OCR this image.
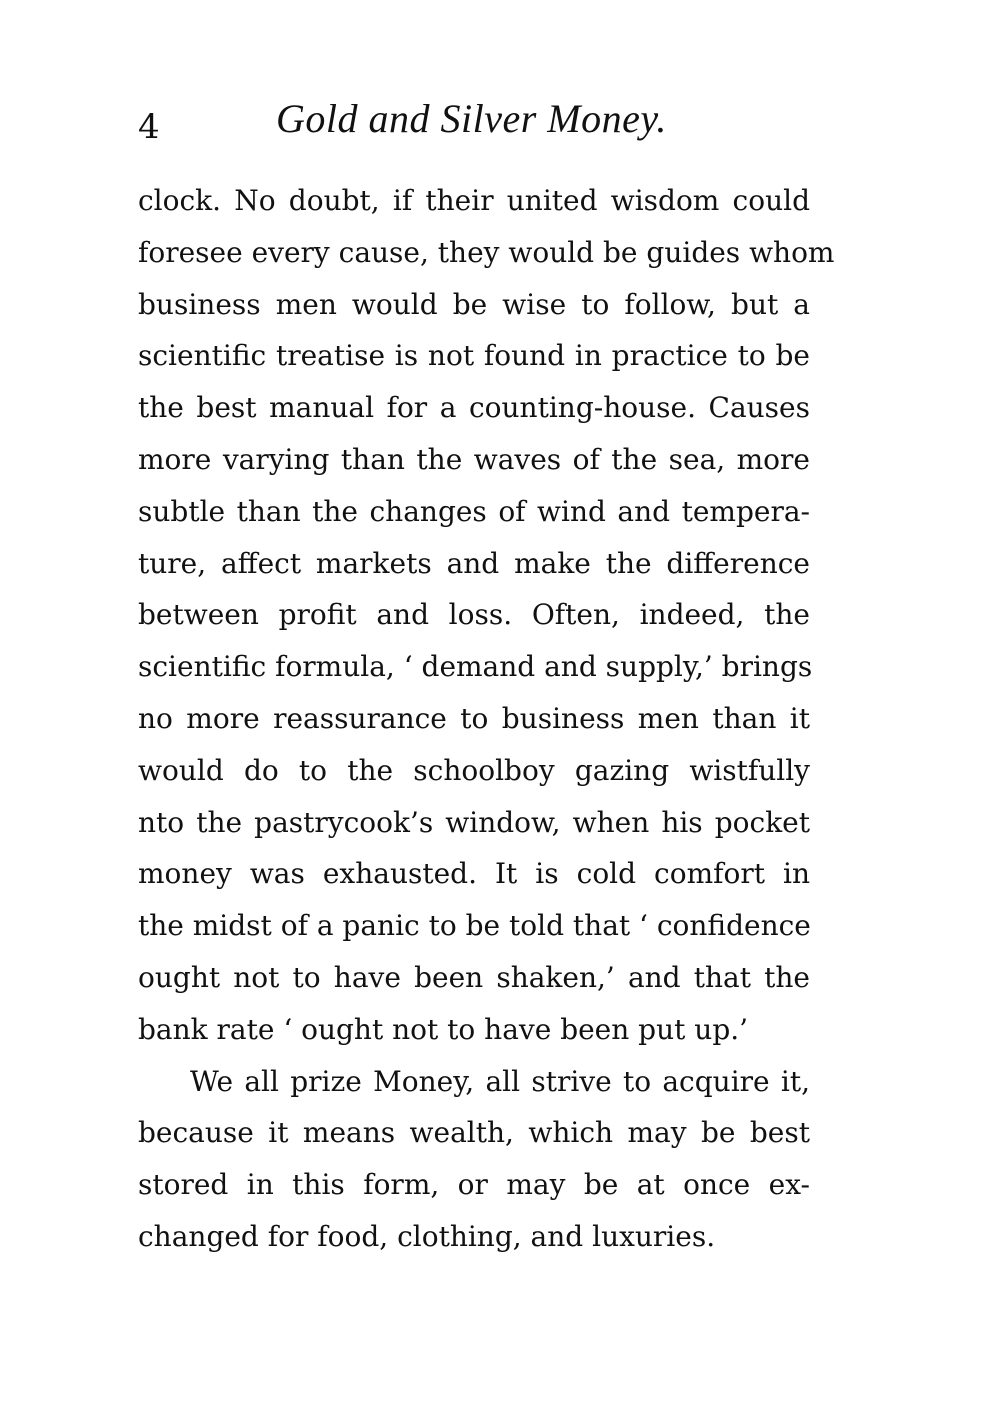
4	Gold and Silver Money.
clock. No doubt, if their united wisdom could
foresee every cause, they would be guides whom
business men would be wise to follow, but a
scientific treatise is not found in practice to be
the best manual for a counting-house. Causes
more varying than the waves of the sea, more
subtle than the changes of wind and tempera-
ture, affect markets and make the difference
between profit and loss. Often, indeed, the
scientific formula, ‘ demand and supply,’ brings
no more reassurance to business men than it
would do to the schoolboy gazing wistfully
nto the pastrycook’s window, when his pocket
money was exhausted. It is cold comfort in
the midst of a panic to be told that ‘ confidence
ought not to have been shaken,’ and that the
bank rate ‘ ought not to have been put up.’
We all prize Money, all strive to acquire it,
because it means wealth, which may be best
stored in this form, or may be at once ex-
changed for food, clothing, and luxuries.
